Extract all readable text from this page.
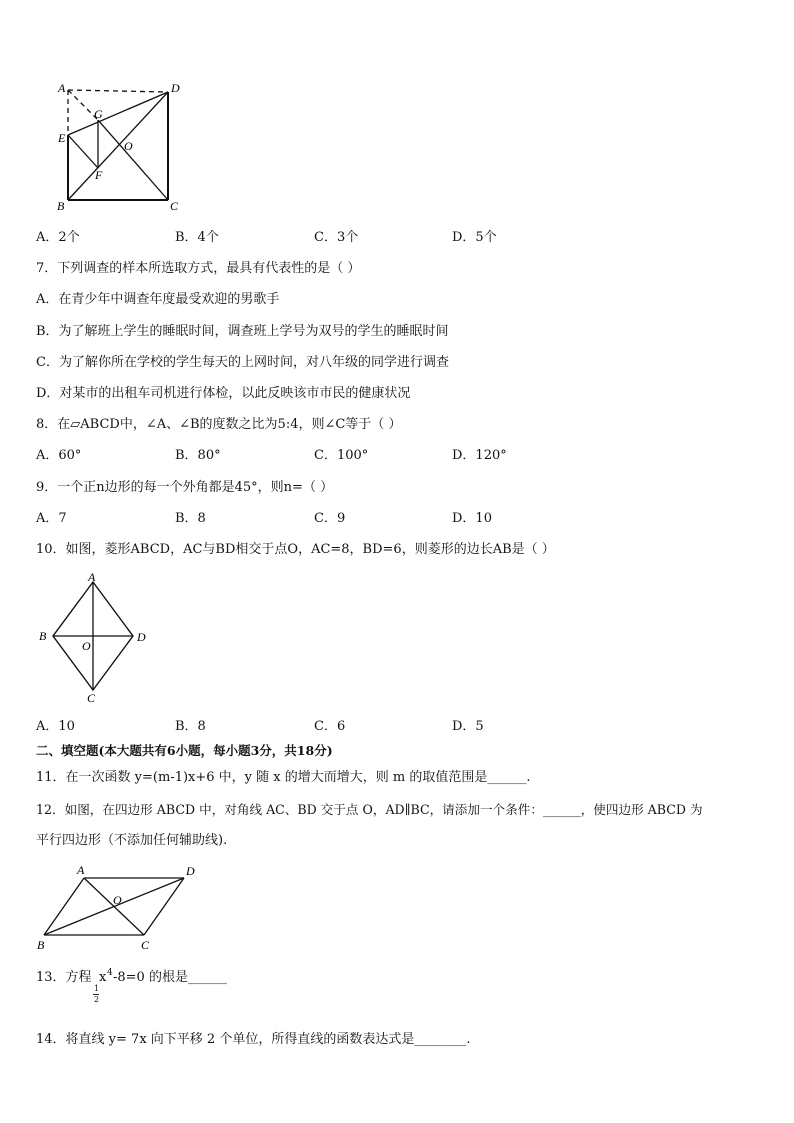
A	D
E
G
O
F
B	C
A．2个	B．4个	C．3个	D．5个
7．下列调查的样本所选取方式，最具有代表性的是（ ）
A．在青少年中调查年度最受欢迎的男歌手
B．为了解班上学生的睡眠时间，调查班上学号为双号的学生的睡眠时间
C．为了解你所在学校的学生每天的上网时间，对八年级的同学进行调查
D．对某市的出租车司机进行体检，以此反映该市市民的健康状况
8．在▱ABCD中，∠A、∠B的度数之比为5:4，则∠C等于（ ）
A．60°	B．80°	C．100°	D．120°
9．一个正n边形的每一个外角都是45°，则n=（ ）
A．7	B．8	C．9	D．10
10．如图，菱形ABCD，AC与BD相交于点O，AC=8，BD=6，则菱形的边长AB是（ ）
A
B	D
O
C
A．10	B．8	C．6	D．5
二、填空题(本大题共有6小题，每小题3分，共18分)
11．在一次函数 y=(m-1)x+6 中，y 随 x 的增大而增大，则 m 的取值范围是______.
12．如图，在四边形 ABCD 中，对角线 AC、BD 交于点 O，AD∥BC，请添加一个条件：______，使四边形 ABCD 为
平行四边形（不添加任何辅助线).
A	D
O
B	C
13．方程
1
2
x 4 -8=0 的根是______
14．将直线 y= 7x 向下平移 2 个单位，所得直线的函数表达式是________.
